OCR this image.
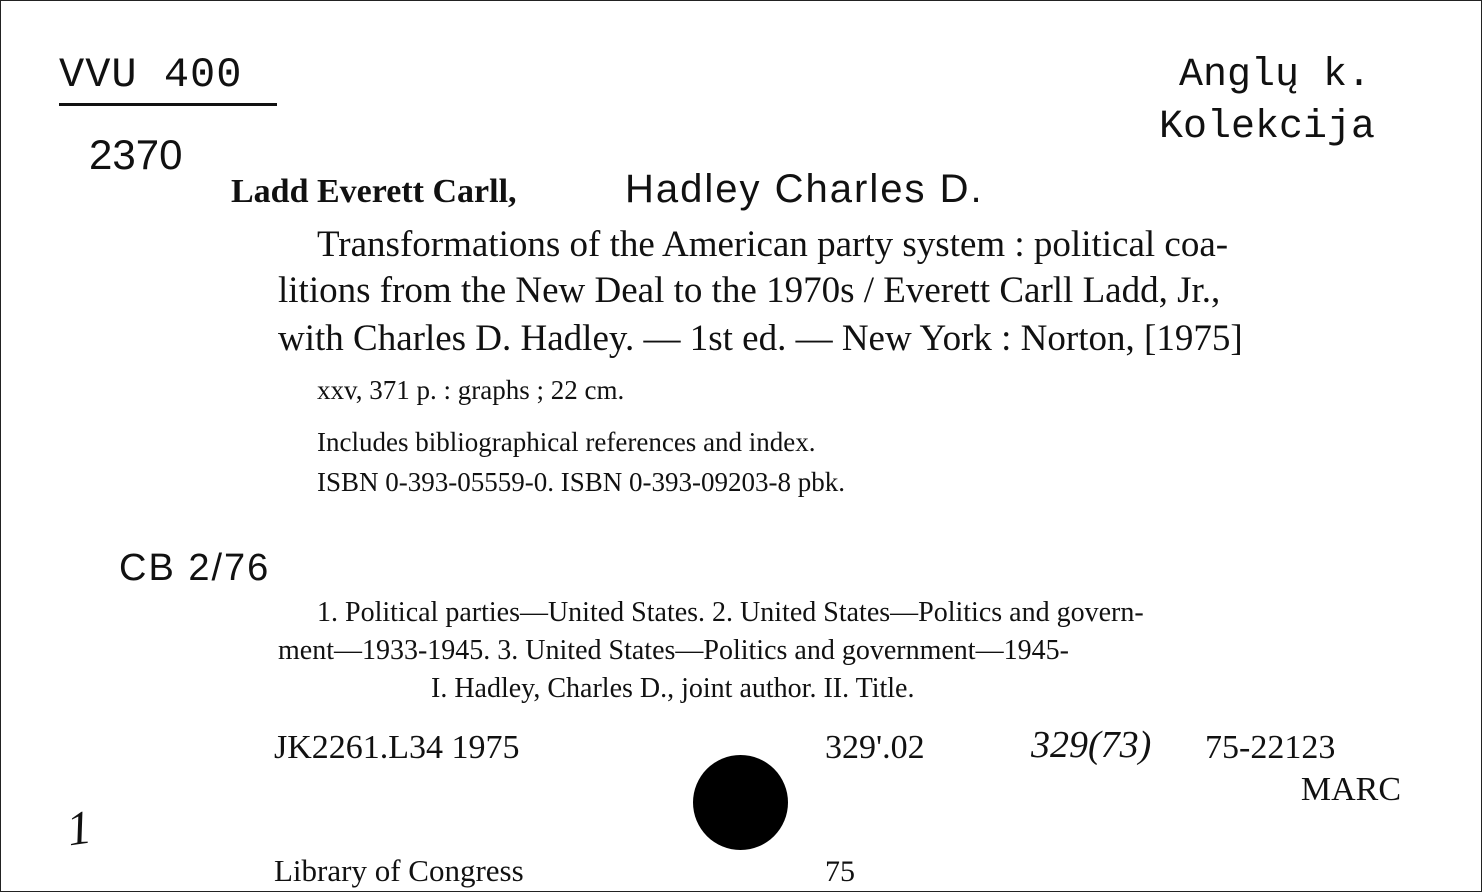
VVU 400	Anglų k.
Kolekcija
2370
Ladd Everett Carll,	Hadley Charles D.
Transformations of the American party system : political coa-
litions from the New Deal to the 1970s / Everett Carll Ladd, Jr.,
with Charles D. Hadley. — 1st ed. — New York : Norton, [1975]
xxv, 371 p. : graphs ; 22 cm.
Includes bibliographical references and index.
ISBN 0-393-05559-0. ISBN 0-393-09203-8 pbk.
CB 2/76
1. Political parties—United States. 2. United States—Politics and govern-
ment—1933-1945. 3. United States—Politics and government—1945-
I. Hadley, Charles D., joint author. II. Title.
JK2261.L34 1975	329'.02	329(73) 75-22123
MARC
1
Library of Congress	75
